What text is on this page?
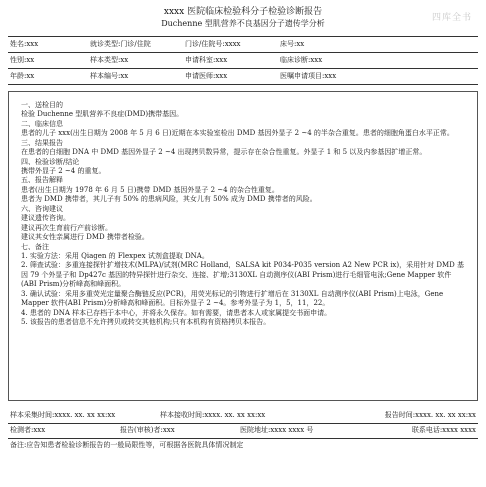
四库全书
xxxx 医院临床检验科分子检验诊断报告
Duchenne 型肌营养不良基因分子遗传学分析
姓名:xxx	就诊类型:门诊/住院	门诊/住院号:xxxx	床号:xx
性别:xx	样本类型:xx	申请科室:xxx	临床诊断:xxx
年龄:xx	样本编号:xx	申请医师:xxx	医嘱申请项目:xxx

一、送检目的

检验 Duchenne 型肌营养不良症(DMD)携带基因。

二、临床信息

患者的儿子 xxx(出生日期为 2008 年 5 月 6 日)近期在本实验室检出 DMD 基因外显子 2 ~4 的半杂合重复。患者的细胞角蛋白水平正常。

三、结果报告

在患者的白细胞 DNA 中 DMD 基因外显子 2 ~4 出现拷贝数异常，提示存在杂合性重复。外显子 1 和 5 以及内参基因扩增正常。

四、检验诊断/结论

携带外显子 2 ~4 的重复。

五、报告解释

患者(出生日期为 1978 年 6 月 5 日)携带 DMD 基因外显子 2 ~4 的杂合性重复。

患者为 DMD 携带者，其儿子有 50% 的患病风险，其女儿有 50% 成为 DMD 携带者的风险。

六、咨询建议

建议遗传咨询。

建议再次生育前行产前诊断。

建议其女性亲属进行 DMD 携带者检验。

七、备注

1. 实验方法：采用 Qiagen 的 Flexpex 试剂盒提取 DNA。

2. 筛查试验：多重连接探针扩增技术(MLPA)/试剂(MRC Holland，SALSA kit P034-P035 version A2 New PCR ix)，采用针对 DMD 基因 79 个外显子和 Dp427c 基因的特异探针进行杂交、连接、扩增;3130XL 自动测序仪(ABI Prism)进行毛细管电泳;Gene Mapper 软件(ABI Prism)分析峰高和峰面积。

3. 确认试验：采用多重荧光定量聚合酶链反应(PCR)，用荧光标记的引物进行扩增后在 3130XL 自动测序仪(ABI Prism)上电泳，Gene Mapper 软件(ABI Prism)分析峰高和峰面积。目标外显子 2 ~4。参考外显子为 1，5，11，22。

4. 患者的 DNA 样本已存档于本中心，并将永久保存。如有需要，请患者本人或家属提交书面申请。

5. 该报告的患者信息不允许拷贝或转交其他机构;只有本机构有资格拷贝本报告。

样本采集时间:xxxx. xx. xx xx:xx	样本接收时间:xxxx. xx. xx xx:xx	报告时间:xxxx. xx. xx xx:xx
检测者:xxx	报告(审核)者:xxx	医院地址:xxxx xxxx 号	联系电话:xxxx xxxx
备注:应告知患者检验诊断报告的一般局限性等，可根据各医院具体情况制定
